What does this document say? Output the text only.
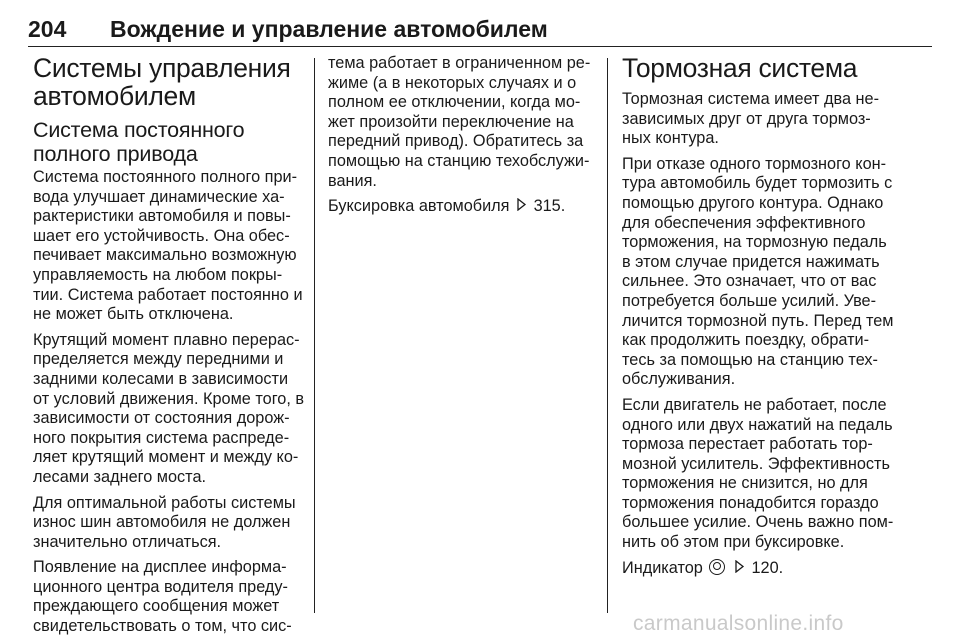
204 Вождение и управление автомобилем
Системы управления
автомобилем
Система постоянного
полного привода

Система постоянного полного при-
вода улучшает динамические ха-
рактеристики автомобиля и повы-
шает его устойчивость. Она обес-
печивает максимально возможную
управляемость на любом покры-
тии. Система работает постоянно и
не может быть отключена.

Крутящий момент плавно перерас-
пределяется между передними и
задними колесами в зависимости
от условий движения. Кроме того, в
зависимости от состояния дорож-
ного покрытия система распреде-
ляет крутящий момент и между ко-
лесами заднего моста.

Для оптимальной работы системы
износ шин автомобиля не должен
значительно отличаться.

Появление на дисплее информа-
ционного центра водителя преду-
преждающего сообщения может
свидетельствовать о том, что сис-

тема работает в ограниченном ре-
жиме (а в некоторых случаях и о
полном ее отключении, когда мо-
жет произойти переключение на
передний привод). Обратитесь за
помощью на станцию техобслужи-
вания.

Буксировка автомобиля 315.

Тормозная система

Тормозная система имеет два не-
зависимых друг от друга тормоз-
ных контура.

При отказе одного тормозного кон-
тура автомобиль будет тормозить с
помощью другого контура. Однако
для обеспечения эффективного
торможения, на тормозную педаль
в этом случае придется нажимать
сильнее. Это означает, что от вас
потребуется больше усилий. Уве-
личится тормозной путь. Перед тем
как продолжить поездку, обрати-
тесь за помощью на станцию тех-
обслуживания.

Если двигатель не работает, после
одного или двух нажатий на педаль
тормоза перестает работать тор-
мозной усилитель. Эффективность
торможения не снизится, но для
торможения понадобится гораздо
большее усилие. Очень важно пом-
нить об этом при буксировке.

Индикатор	120.

carmanualsonline.info
